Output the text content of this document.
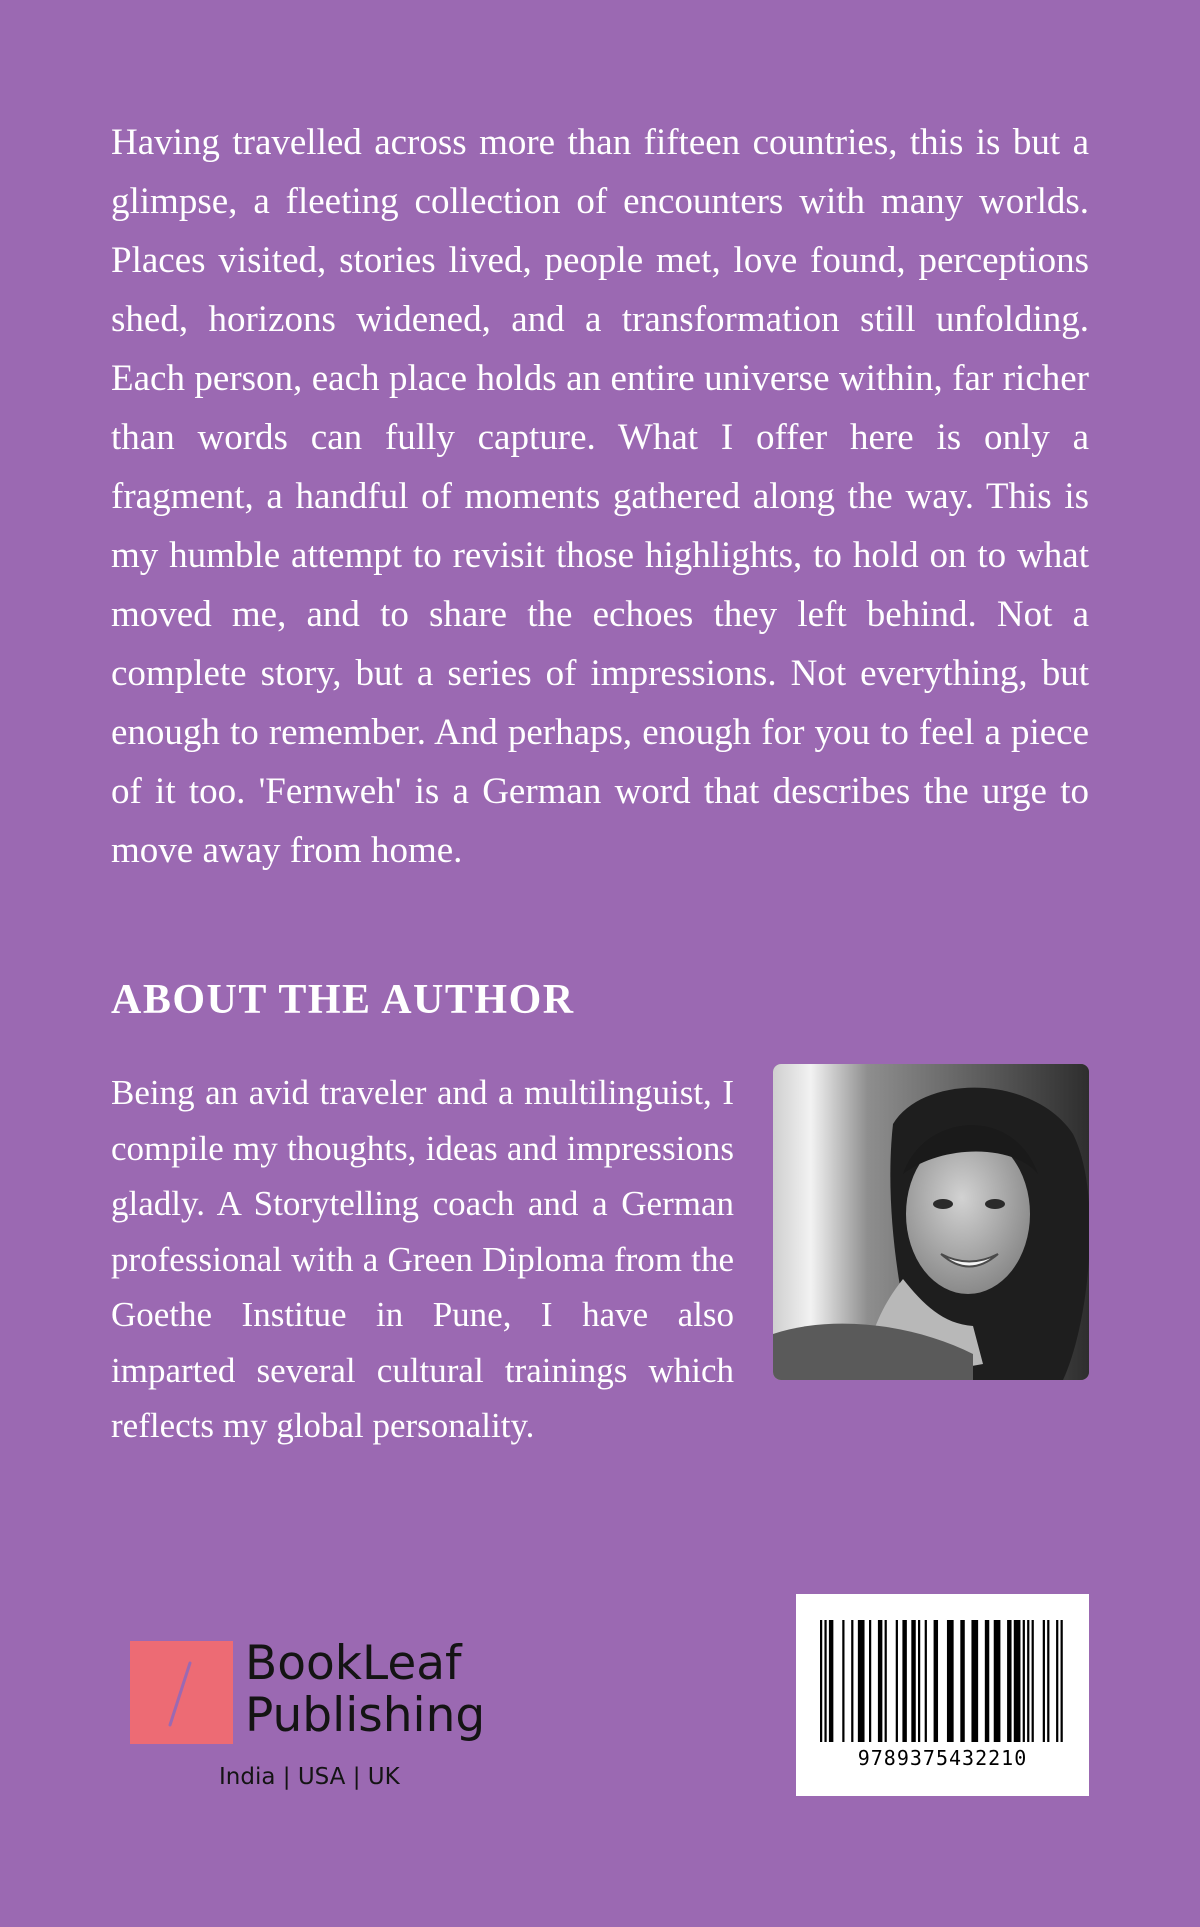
Having travelled across more than fifteen countries, this is but a glimpse, a fleeting collection of encounters with many worlds. Places visited, stories lived, people met, love found, perceptions shed, horizons widened, and a transformation still unfolding. Each person, each place holds an entire universe within, far richer than words can fully capture. What I offer here is only a fragment, a handful of moments gathered along the way. This is my humble attempt to revisit those highlights, to hold on to what moved me, and to share the echoes they left behind. Not a complete story, but a series of impressions. Not everything, but enough to remember. And perhaps, enough for you to feel a piece of it too. 'Fernweh' is a German word that describes the urge to move away from home.

ABOUT THE AUTHOR

Being an avid traveler and a multilinguist, I compile my thoughts, ideas and impressions gladly. A Storytelling coach and a German professional with a Green Diploma from the Goethe Institue in Pune, I have also imparted several cultural trainings which reflects my global personality.

BookLeaf
Publishing
India | USA | UK
9789375432210
